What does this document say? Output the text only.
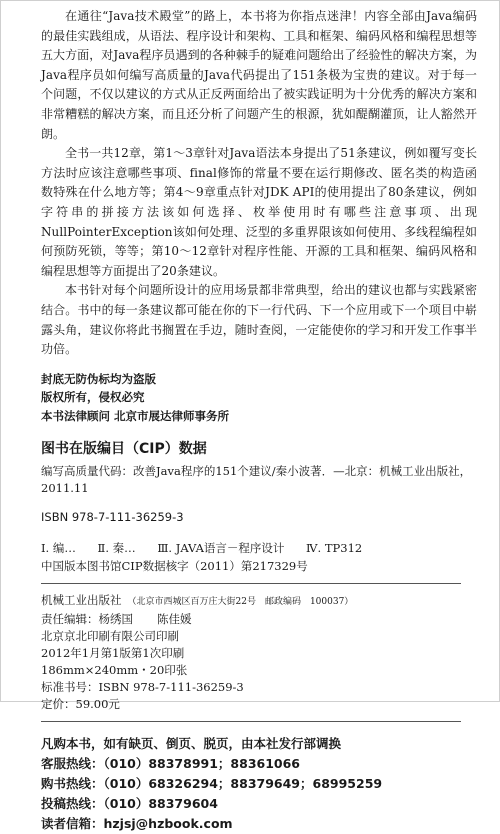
在通往“Java技术殿堂”的路上，本书将为你指点迷津！内容全部由Java编码的最佳实践组成，从语法、程序设计和架构、工具和框架、编码风格和编程思想等五大方面，对Java程序员遇到的各种棘手的疑难问题给出了经验性的解决方案，为Java程序员如何编写高质量的Java代码提出了151条极为宝贵的建议。对于每一个问题，不仅以建议的方式从正反两面给出了被实践证明为十分优秀的解决方案和非常糟糕的解决方案，而且还分析了问题产生的根源，犹如醍醐灌顶，让人豁然开朗。

全书一共12章，第1～3章针对Java语法本身提出了51条建议，例如覆写变长方法时应该注意哪些事项、final修饰的常量不要在运行期修改、匿名类的构造函数特殊在什么地方等；第4～9章重点针对JDK API的使用提出了80条建议，例如字符串的拼接方法该如何选择、枚举使用时有哪些注意事项、出现NullPointerException该如何处理、泛型的多重界限该如何使用、多线程编程如何预防死锁，等等；第10～12章针对程序性能、开源的工具和框架、编码风格和编程思想等方面提出了20条建议。

本书针对每个问题所设计的应用场景都非常典型，给出的建议也都与实践紧密结合。书中的每一条建议都可能在你的下一行代码、下一个应用或下一个项目中崭露头角，建议你将此书搁置在手边，随时查阅，一定能使你的学习和开发工作事半功倍。

封底无防伪标均为盗版
版权所有，侵权必究
本书法律顾问 北京市展达律师事务所
图书在版编目（CIP）数据
编写高质量代码：改善Java程序的151个建议/秦小波著．—北京：机械工业出版社，2011.11
ISBN 978-7-111-36259-3
Ⅰ. 编… Ⅱ. 秦… Ⅲ. JAVA语言－程序设计 Ⅳ. TP312
中国版本图书馆CIP数据核字（2011）第217329号
机械工业出版社 （北京市西城区百万庄大街22号　邮政编码　100037）
责任编辑：杨绣国 陈佳媛
北京京北印刷有限公司印刷
2012年1月第1版第1次印刷
186mm×240mm・20印张
标准书号：ISBN 978-7-111-36259-3
定价：59.00元
凡购本书，如有缺页、倒页、脱页，由本社发行部调换
客服热线：（010）88378991；88361066
购书热线：（010）68326294；88379649；68995259
投稿热线：（010）88379604
读者信箱：hzjsj@hzbook.com
